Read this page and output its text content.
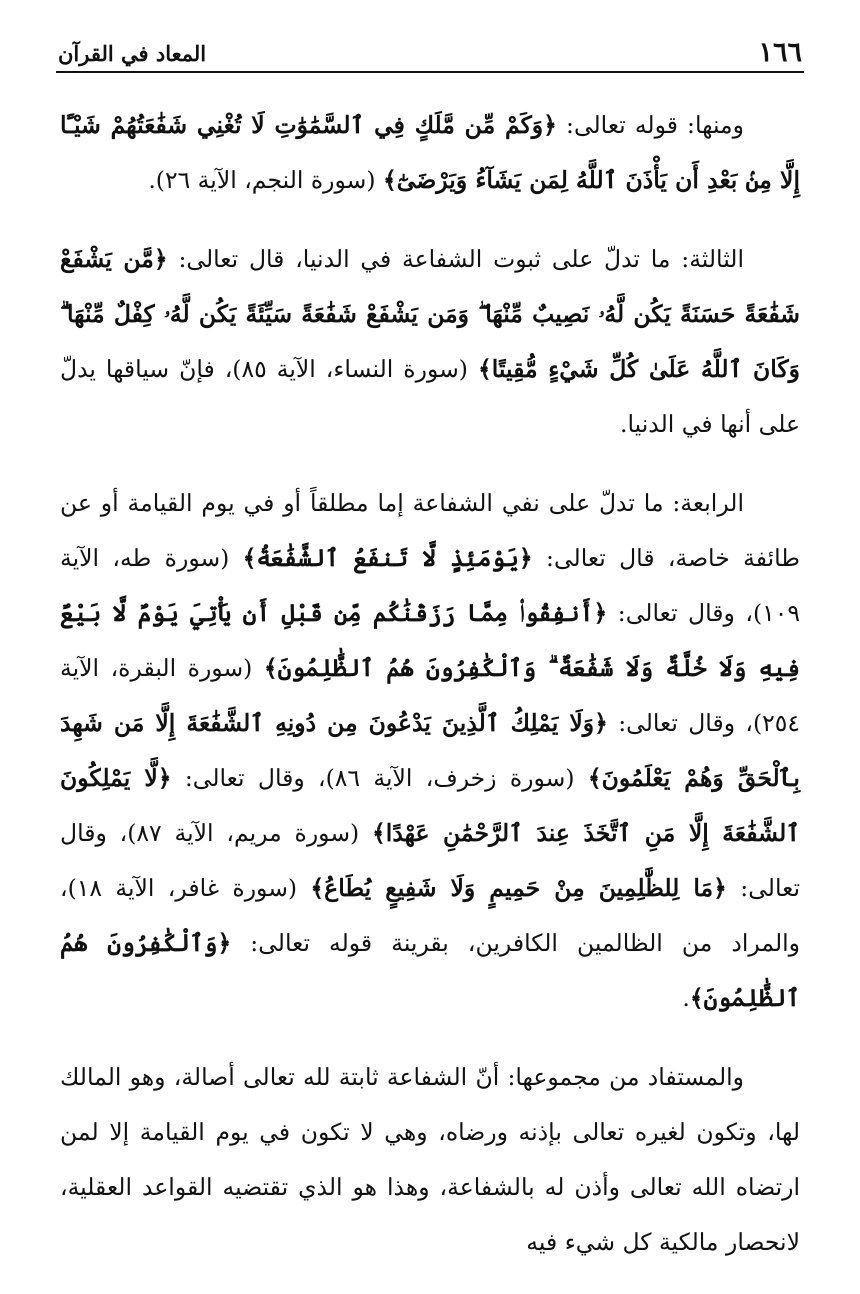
١٦٦
المعاد في القرآن

ومنها: قوله تعالى: ﴿وَكَمْ مِّن مَّلَكٍ فِي ٱلسَّمَٰوَٰتِ لَا تُغْنِي شَفَٰعَتُهُمْ شَيْـًٔا إِلَّا مِنۢ بَعْدِ أَن يَأْذَنَ ٱللَّهُ لِمَن يَشَآءُ وَيَرْضَىٰٓ﴾ (سورة النجم، الآية ٢٦).

الثالثة: ما تدلّ على ثبوت الشفاعة في الدنيا، قال تعالى: ﴿مَّن يَشْفَعْ شَفَٰعَةً حَسَنَةً يَكُن لَّهُۥ نَصِيبٌ مِّنْهَا ۖ وَمَن يَشْفَعْ شَفَٰعَةً سَيِّئَةً يَكُن لَّهُۥ كِفْلٌ مِّنْهَا ۗ وَكَانَ ٱللَّهُ عَلَىٰ كُلِّ شَيْءٍ مُّقِيتًا﴾ (سورة النساء، الآية ٨٥)، فإنّ سياقها يدلّ على أنها في الدنيا.

الرابعة: ما تدلّ على نفي الشفاعة إما مطلقاً أو في يوم القيامة أو عن طائفة خاصة، قال تعالى: ﴿يَوْمَئِذٍ لَّا تَنفَعُ ٱلشَّفَٰعَةُ﴾ (سورة طه، الآية ١٠٩)، وقال تعالى: ﴿أَنفِقُوا۟ مِمَّا رَزَقْنَٰكُم مِّن قَبْلِ أَن يَأْتِيَ يَوْمٌ لَّا بَيْعٌ فِيهِ وَلَا خُلَّةٌ وَلَا شَفَٰعَةٌ ۗ وَٱلْكَٰفِرُونَ هُمُ ٱلظَّٰلِمُونَ﴾ (سورة البقرة، الآية ٢٥٤)، وقال تعالى: ﴿وَلَا يَمْلِكُ ٱلَّذِينَ يَدْعُونَ مِن دُونِهِ ٱلشَّفَٰعَةَ إِلَّا مَن شَهِدَ بِٱلْحَقِّ وَهُمْ يَعْلَمُونَ﴾ (سورة زخرف، الآية ٨٦)، وقال تعالى: ﴿لَّا يَمْلِكُونَ ٱلشَّفَٰعَةَ إِلَّا مَنِ ٱتَّخَذَ عِندَ ٱلرَّحْمَٰنِ عَهْدًا﴾ (سورة مريم، الآية ٨٧)، وقال تعالى: ﴿مَا لِلظَّٰلِمِينَ مِنْ حَمِيمٍ وَلَا شَفِيعٍ يُطَاعُ﴾ (سورة غافر، الآية ١٨)، والمراد من الظالمين الكافرين، بقرينة قوله تعالى: ﴿وَٱلْكَٰفِرُونَ هُمُ ٱلظَّٰلِمُونَ﴾.

والمستفاد من مجموعها: أنّ الشفاعة ثابتة لله تعالى أصالة، وهو المالك لها، وتكون لغيره تعالى بإذنه ورضاه، وهي لا تكون في يوم القيامة إلا لمن ارتضاه الله تعالى وأذن له بالشفاعة، وهذا هو الذي تقتضيه القواعد العقلية، لانحصار مالكية كل شيء فيه
